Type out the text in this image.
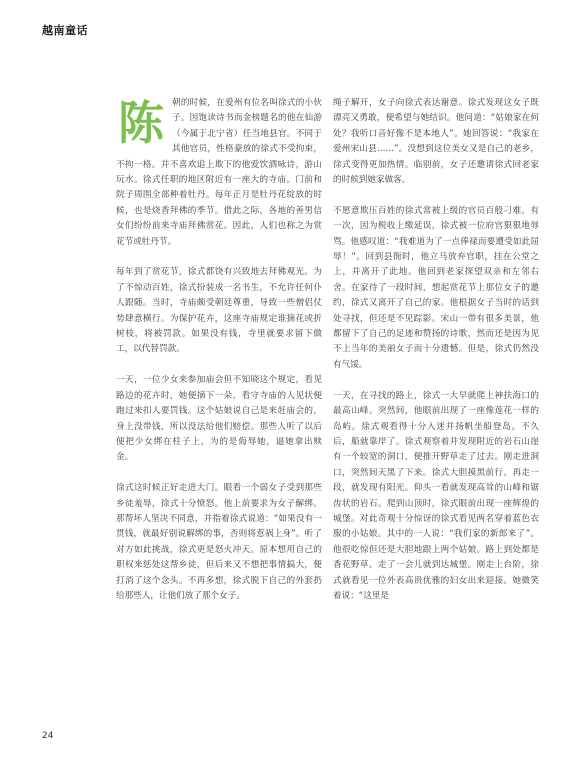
越南童话

陈朝的时候，在爱州有位名叫徐式的小伙子。因饱读诗书而金榜题名的他在仙游（今属于北宁省）任当地县官。不同于其他官员，性格豪放的徐式不受拘束，不拘一格。并不喜欢追上欺下的他爱饮酒咏诗，游山玩水。徐式任职的地区附近有一座大的寺庙。门前和院子周围全部种着牡丹。每年正月是牡丹花绽放的时候，也是烧香拜佛的季节。借此之际，各地的善男信女们纷纷前来寺庙拜佛赏花。因此，人们也称之为赏花节或牡丹节。

每年到了赏花节，徐式都饶有兴致地去拜佛观光。为了不惊动百姓，徐式扮装成一名书生，不允许任何仆人跟随。当时，寺庙颇受朝廷尊重，导致一些僧侣仗势肆意横行。为保护花卉，这座寺庙规定谁摘花或折树枝，将被罚款。如果没有钱，寺里就要求留下做工，以代替罚款。

一天，一位少女来参加庙会但不知晓这个规定，看见路边的花卉时，她便摘下一朵。看守寺庙的人见状便跑过来扣人要罚钱。这个姑娘说自己是来赶庙会的，身上没带钱，所以没法给他们赔偿。那些人听了以后便把少女绑在柱子上，为的是侮辱她，逼她拿出赎金。

徐式这时候正好走进大门。眼看一个弱女子受到那些乡徒羞辱，徐式十分愤怒。他上前要求为女子解绑。那帮坏人坚决不同意，并指着徐式说道：“如果没有一贯钱，就最好别说解绑的事，否则将惹祸上身”。听了对方如此挑战，徐式更是怒火冲天。原本想用自己的职权来惩处这帮乡徒，但后来又不想把事情搞大，便打消了这个念头。不再多想，徐式脱下自己的外套扔给那些人，让他们放了那个女子。

绳子解开，女子向徐式表达谢意。徐式发现这女子既漂亮又勇敢，便希望与她结识。他问道：“姑娘家在何处？我听口音好像不是本地人”。她回答说：“我家在爱州宋山县……”。没想到这位美女又是自己的老乡，徐式变得更加热情。临别前，女子还邀请徐式回老家的时候到她家做客。

不愿意欺压百姓的徐式常被上级的官员百般刁难。有一次，因为税收上缴延误，徐式被一位府官狠狠地辱骂。他感叹道：“我难道为了一点俸禄而要遭受如此屈辱！”。回到县衙时，他立马放弃官职，挂在公堂之上，并离开了此地。他回到老家探望双亲和左邻右舍。在家待了一段时间，想起赏花节上那位女子的邀约，徐式又离开了自己的家。他根据女子当时的话到处寻找，但还是不见踪影。宋山一带有很多美景，他都留下了自己的足迹和赞扬的诗歌，然而还是因为见不上当年的美丽女子而十分遗憾。但是，徐式仍然没有气馁。

一天，在寻找的路上，徐式一大早就爬上神扶海口的最高山峰。突然间，他眼前出现了一座像莲花一样的岛屿。徐式观看得十分入迷并扬帆坐船登岛。不久后，船就靠岸了。徐式观察着并发现附近的岩石山崖有一个较宽的洞口，便推开野草走了过去。刚走进洞口，突然间天黑了下来。徐式大胆摸黑前行。再走一段，就发现有阳光。仰头一看就发现高耸的山峰和锯齿状的岩石。爬到山顶时，徐式眼前出现一座辉煌的城堡。对此奇观十分惊讶的徐式看见两名穿着蓝色衣服的小姑娘。其中的一人说：“我们家的新郎来了”。他很吃惊但还是大胆地跟上两个姑娘。路上到处都是香花野草。走了一会儿就到达城堡。刚走上台阶，徐式就看见一位外表高贵优雅的妇女出来迎接。她微笑着说：“这里是

24
